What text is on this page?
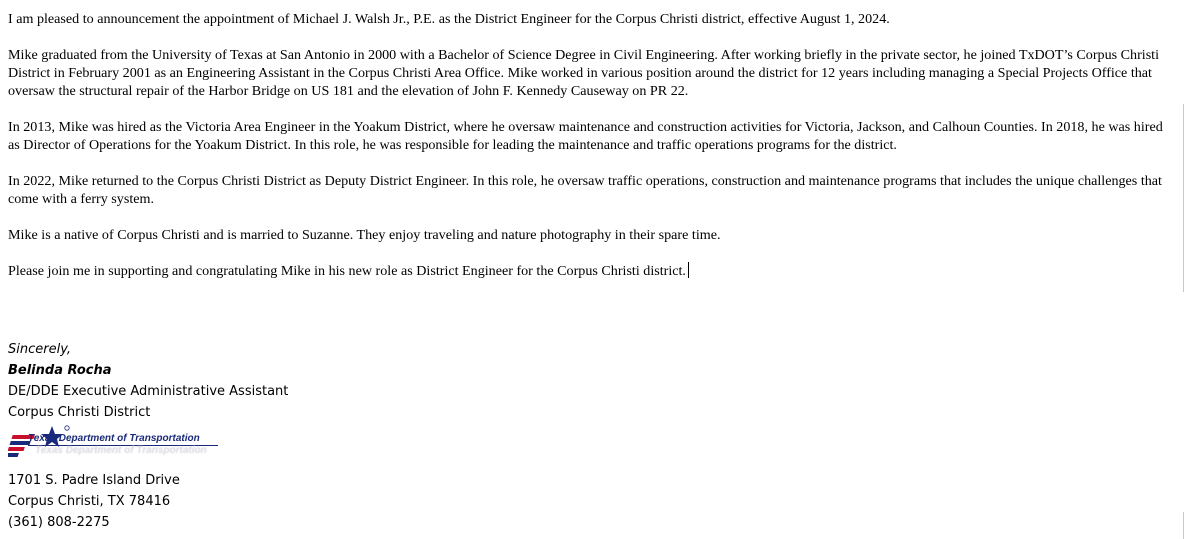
I am pleased to announcement the appointment of Michael J. Walsh Jr., P.E. as the District Engineer for the Corpus Christi district, effective August 1, 2024.

Mike graduated from the University of Texas at San Antonio in 2000 with a Bachelor of Science Degree in Civil Engineering. After working briefly in the private sector, he joined TxDOT’s Corpus Christi District in February 2001 as an Engineering Assistant in the Corpus Christi Area Office. Mike worked in various position around the district for 12 years including managing a Special Projects Office that oversaw the structural repair of the Harbor Bridge on US 181 and the elevation of John F. Kennedy Causeway on PR 22.

In 2013, Mike was hired as the Victoria Area Engineer in the Yoakum District, where he oversaw maintenance and construction activities for Victoria, Jackson, and Calhoun Counties. In 2018, he was hired as Director of Operations for the Yoakum District. In this role, he was responsible for leading the maintenance and traffic operations programs for the district.

In 2022, Mike returned to the Corpus Christi District as Deputy District Engineer. In this role, he oversaw traffic operations, construction and maintenance programs that includes the unique challenges that come with a ferry system.

Mike is a native of Corpus Christi and is married to Suzanne. They enjoy traveling and nature photography in their spare time.

Please join me in supporting and congratulating Mike in his new role as District Engineer for the Corpus Christi district.

Sincerely,
Belinda Rocha
DE/DDE Executive Administrative Assistant
Corpus Christi District
Texas Department of Transportation
Texas Department of Transportation
1701 S. Padre Island Drive
Corpus Christi, TX 78416
(361) 808-2275
